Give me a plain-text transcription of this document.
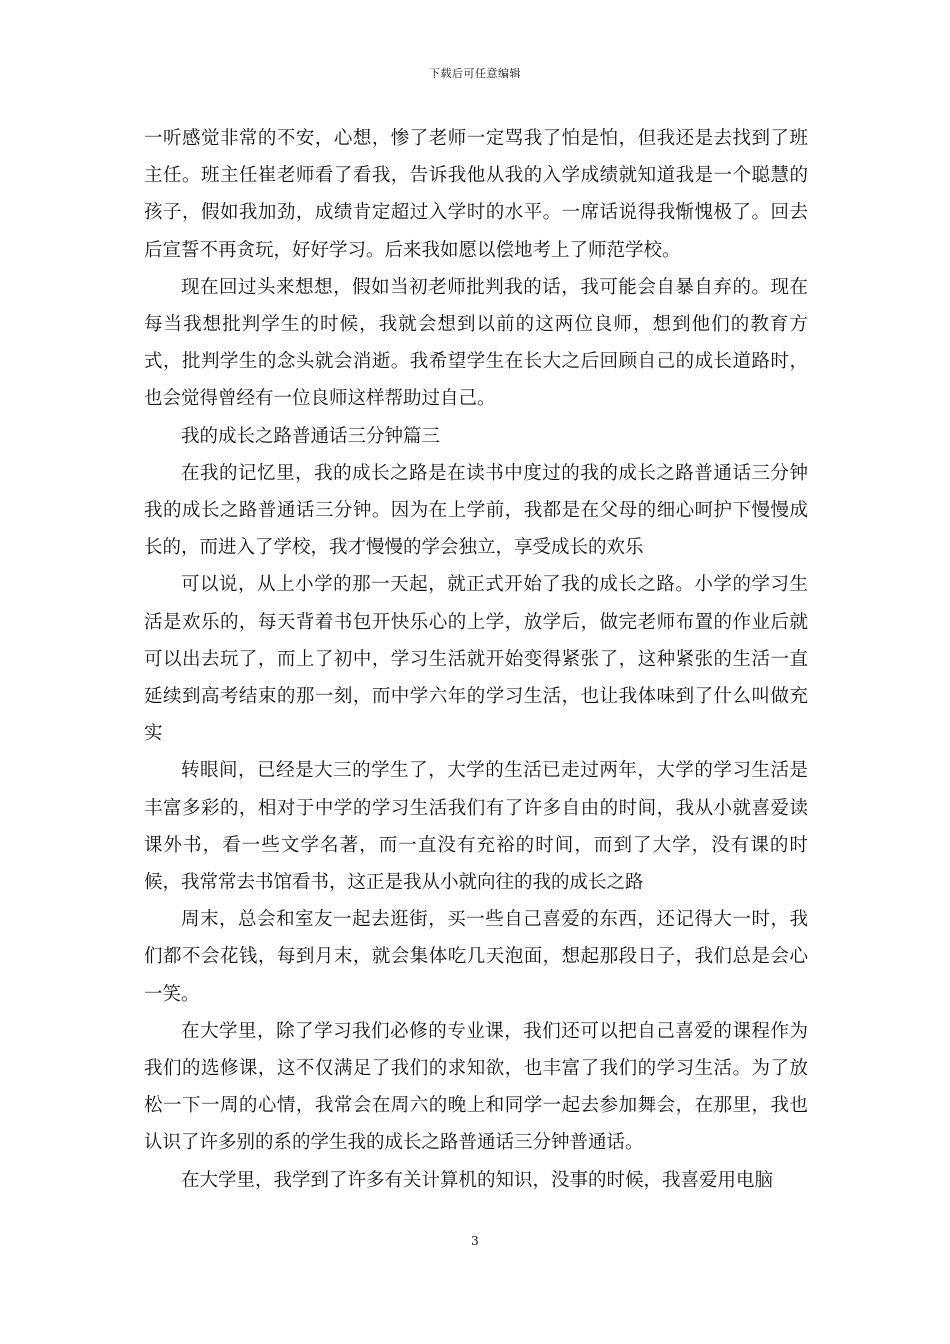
下载后可任意编辑

一听感觉非常的不安，心想，惨了老师一定骂我了怕是怕，但我还是去找到了班主任。班主任崔老师看了看我，告诉我他从我的入学成绩就知道我是一个聪慧的孩子，假如我加劲，成绩肯定超过入学时的水平。一席话说得我惭愧极了。回去后宣誓不再贪玩，好好学习。后来我如愿以偿地考上了师范学校。

现在回过头来想想，假如当初老师批判我的话，我可能会自暴自弃的。现在每当我想批判学生的时候，我就会想到以前的这两位良师，想到他们的教育方式，批判学生的念头就会消逝。我希望学生在长大之后回顾自己的成长道路时，也会觉得曾经有一位良师这样帮助过自己。

我的成长之路普通话三分钟篇三

在我的记忆里，我的成长之路是在读书中度过的我的成长之路普通话三分钟我的成长之路普通话三分钟。因为在上学前，我都是在父母的细心呵护下慢慢成长的，而进入了学校，我才慢慢的学会独立，享受成长的欢乐

可以说，从上小学的那一天起，就正式开始了我的成长之路。小学的学习生活是欢乐的，每天背着书包开快乐心的上学，放学后，做完老师布置的作业后就可以出去玩了，而上了初中，学习生活就开始变得紧张了，这种紧张的生活一直延续到高考结束的那一刻，而中学六年的学习生活，也让我体味到了什么叫做充实

转眼间，已经是大三的学生了，大学的生活已走过两年，大学的学习生活是丰富多彩的，相对于中学的学习生活我们有了许多自由的时间，我从小就喜爱读课外书，看一些文学名著，而一直没有充裕的时间，而到了大学，没有课的时候，我常常去书馆看书，这正是我从小就向往的我的成长之路

周末，总会和室友一起去逛街，买一些自己喜爱的东西，还记得大一时，我们都不会花钱，每到月末，就会集体吃几天泡面，想起那段日子，我们总是会心一笑。

在大学里，除了学习我们必修的专业课，我们还可以把自己喜爱的课程作为我们的选修课，这不仅满足了我们的求知欲，也丰富了我们的学习生活。为了放松一下一周的心情，我常会在周六的晚上和同学一起去参加舞会，在那里，我也认识了许多别的系的学生我的成长之路普通话三分钟普通话。

在大学里，我学到了许多有关计算机的知识，没事的时候，我喜爱用电脑

3
